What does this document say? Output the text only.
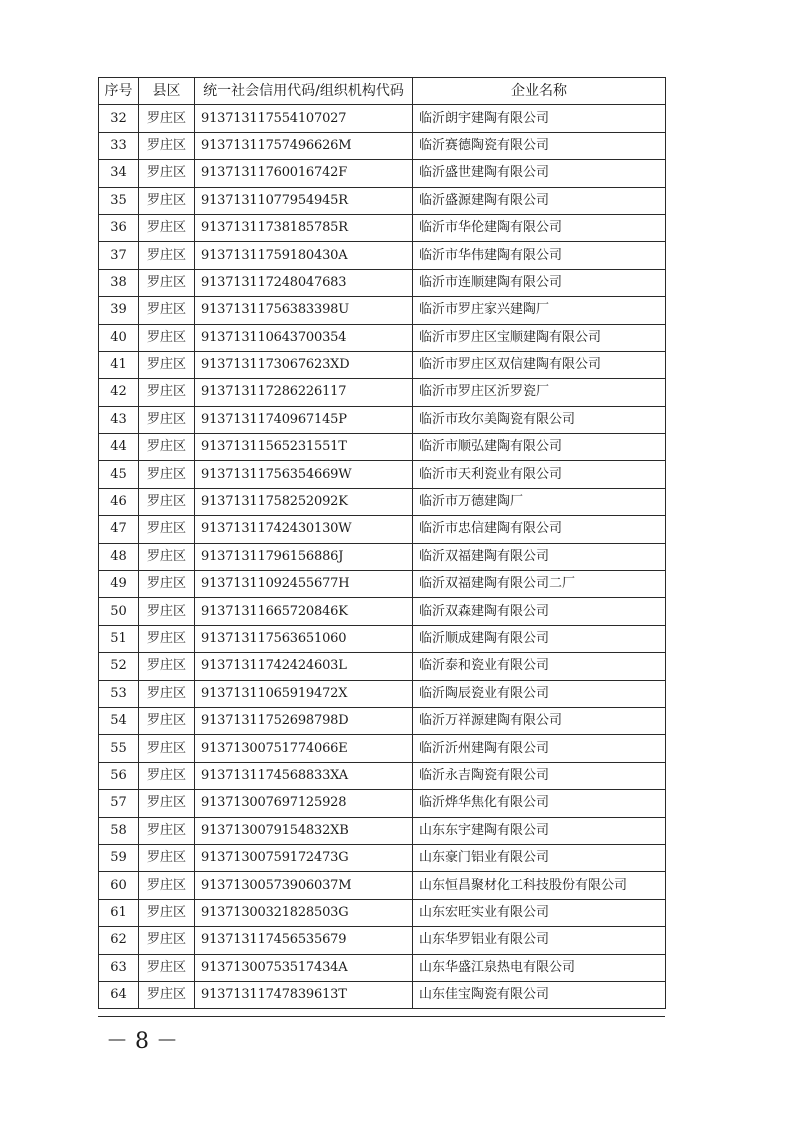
序号	县区	统一社会信用代码/组织机构代码	企业名称
32	罗庄区	913713117554107027	临沂朗宇建陶有限公司
33	罗庄区	91371311757496626M	临沂赛德陶瓷有限公司
34	罗庄区	91371311760016742F	临沂盛世建陶有限公司
35	罗庄区	91371311077954945R	临沂盛源建陶有限公司
36	罗庄区	91371311738185785R	临沂市华伦建陶有限公司
37	罗庄区	91371311759180430A	临沂市华伟建陶有限公司
38	罗庄区	913713117248047683	临沂市连顺建陶有限公司
39	罗庄区	91371311756383398U	临沂市罗庄家兴建陶厂
40	罗庄区	913713110643700354	临沂市罗庄区宝顺建陶有限公司
41	罗庄区	9137131173067623XD	临沂市罗庄区双信建陶有限公司
42	罗庄区	913713117286226117	临沂市罗庄区沂罗瓷厂
43	罗庄区	91371311740967145P	临沂市玫尔美陶瓷有限公司
44	罗庄区	91371311565231551T	临沂市顺弘建陶有限公司
45	罗庄区	91371311756354669W	临沂市天利瓷业有限公司
46	罗庄区	91371311758252092K	临沂市万德建陶厂
47	罗庄区	91371311742430130W	临沂市忠信建陶有限公司
48	罗庄区	91371311796156886J	临沂双福建陶有限公司
49	罗庄区	91371311092455677H	临沂双福建陶有限公司二厂
50	罗庄区	91371311665720846K	临沂双森建陶有限公司
51	罗庄区	913713117563651060	临沂顺成建陶有限公司
52	罗庄区	91371311742424603L	临沂泰和瓷业有限公司
53	罗庄区	91371311065919472X	临沂陶辰瓷业有限公司
54	罗庄区	91371311752698798D	临沂万祥源建陶有限公司
55	罗庄区	91371300751774066E	临沂沂州建陶有限公司
56	罗庄区	9137131174568833XA	临沂永吉陶瓷有限公司
57	罗庄区	913713007697125928	临沂烨华焦化有限公司
58	罗庄区	9137130079154832XB	山东东宇建陶有限公司
59	罗庄区	91371300759172473G	山东豪门铝业有限公司
60	罗庄区	91371300573906037M	山东恒昌聚材化工科技股份有限公司
61	罗庄区	91371300321828503G	山东宏旺实业有限公司
62	罗庄区	913713117456535679	山东华罗铝业有限公司
63	罗庄区	91371300753517434A	山东华盛江泉热电有限公司
64	罗庄区	91371311747839613T	山东佳宝陶瓷有限公司
－ 8 －
